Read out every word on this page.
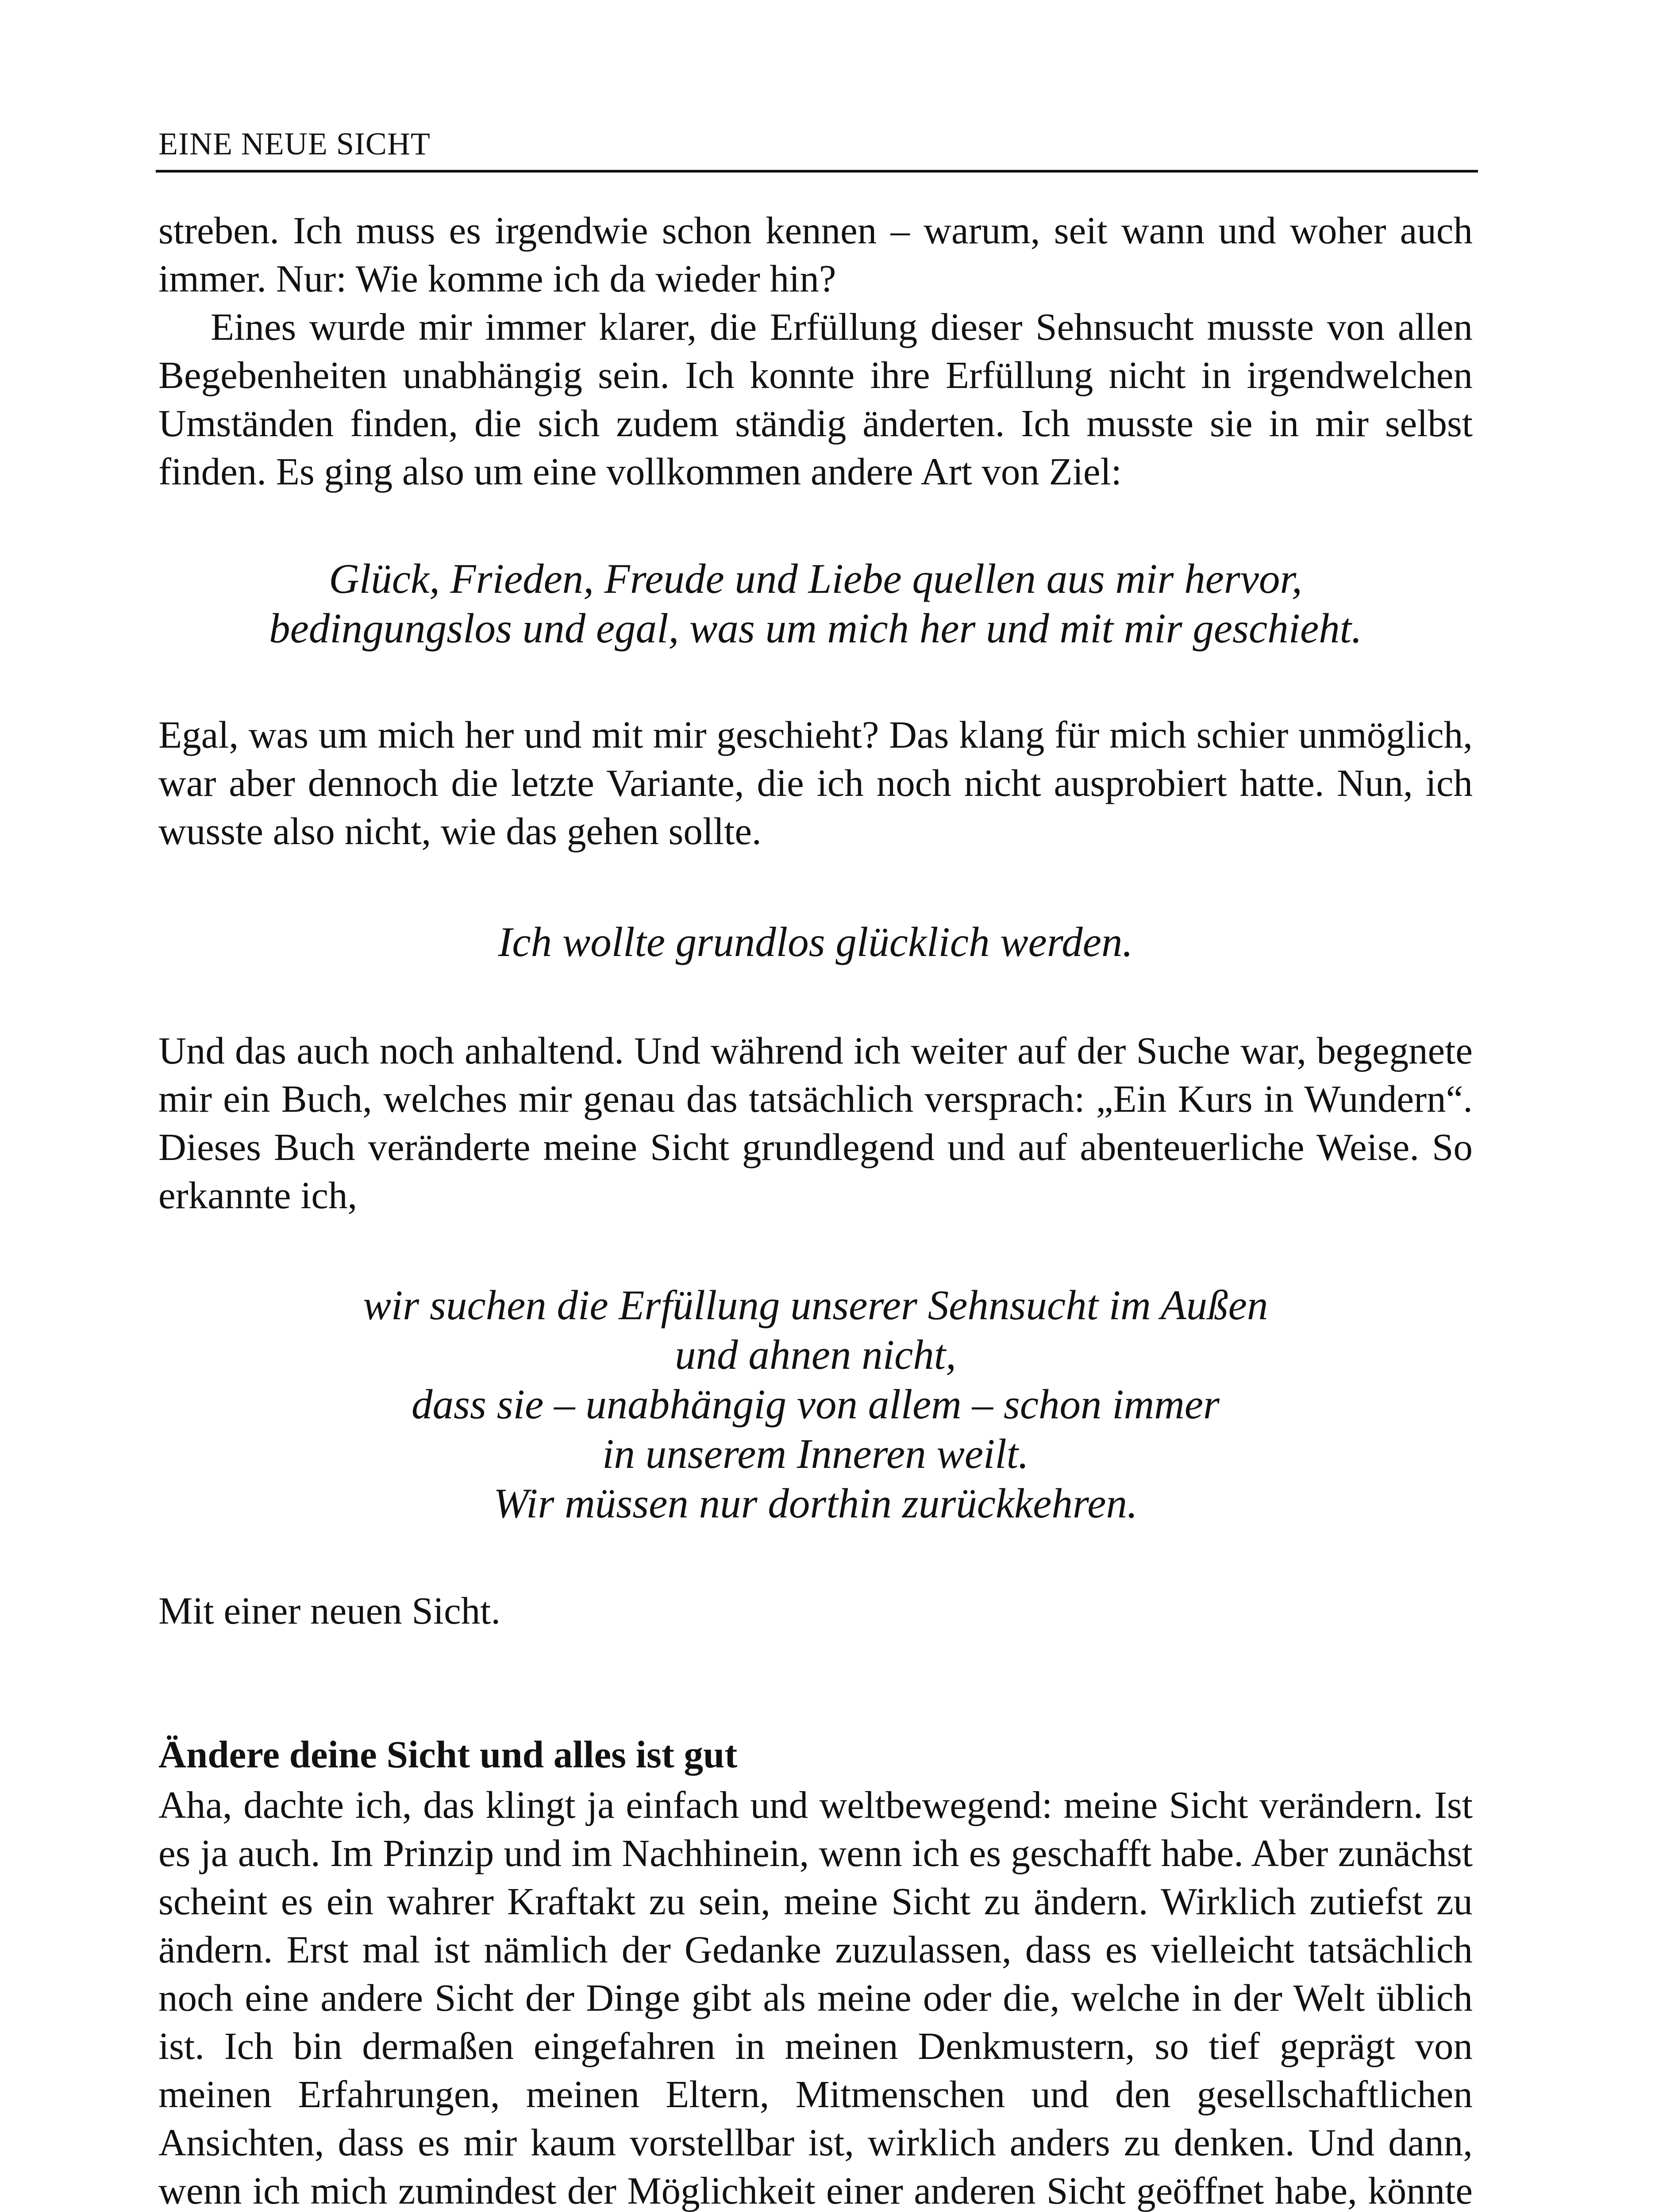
EINE NEUE SICHT

streben. Ich muss es irgendwie schon kennen – warum, seit wann und woher auch immer. Nur: Wie komme ich da wieder hin?

Eines wurde mir immer klarer, die Erfüllung dieser Sehnsucht musste von allen Begebenheiten unabhängig sein. Ich konnte ihre Erfüllung nicht in irgendwelchen Umständen finden, die sich zudem ständig änderten. Ich musste sie in mir selbst finden. Es ging also um eine vollkommen andere Art von Ziel:

Glück, Frieden, Freude und Liebe quellen aus mir hervor,
bedingungslos und egal, was um mich her und mit mir geschieht.

Egal, was um mich her und mit mir geschieht? Das klang für mich schier unmöglich, war aber dennoch die letzte Variante, die ich noch nicht ausprobiert hatte. Nun, ich wusste also nicht, wie das gehen sollte.

Ich wollte grundlos glücklich werden.

Und das auch noch anhaltend. Und während ich weiter auf der Suche war, begegnete mir ein Buch, welches mir genau das tatsächlich versprach: „Ein Kurs in Wundern“. Dieses Buch veränderte meine Sicht grundlegend und auf abenteuerliche Weise. So erkannte ich,

wir suchen die Erfüllung unserer Sehnsucht im Außen
und ahnen nicht,
dass sie – unabhängig von allem – schon immer
in unserem Inneren weilt.
Wir müssen nur dorthin zurückkehren.

Mit einer neuen Sicht.

Ändere deine Sicht und alles ist gut

Aha, dachte ich, das klingt ja einfach und weltbewegend: meine Sicht verändern. Ist es ja auch. Im Prinzip und im Nachhinein, wenn ich es geschafft habe. Aber zunächst scheint es ein wahrer Kraftakt zu sein, meine Sicht zu ändern. Wirklich zutiefst zu ändern. Erst mal ist nämlich der Gedanke zuzulassen, dass es vielleicht tatsächlich noch eine andere Sicht der Dinge gibt als meine oder die, welche in der Welt üblich ist. Ich bin dermaßen eingefahren in meinen Denkmustern, so tief geprägt von meinen Erfahrungen, meinen Eltern, Mitmenschen und den gesellschaftlichen Ansichten, dass es mir kaum vorstellbar ist, wirklich anders zu denken. Und dann, wenn ich mich zumindest der Möglichkeit einer anderen Sicht geöffnet habe, könnte
